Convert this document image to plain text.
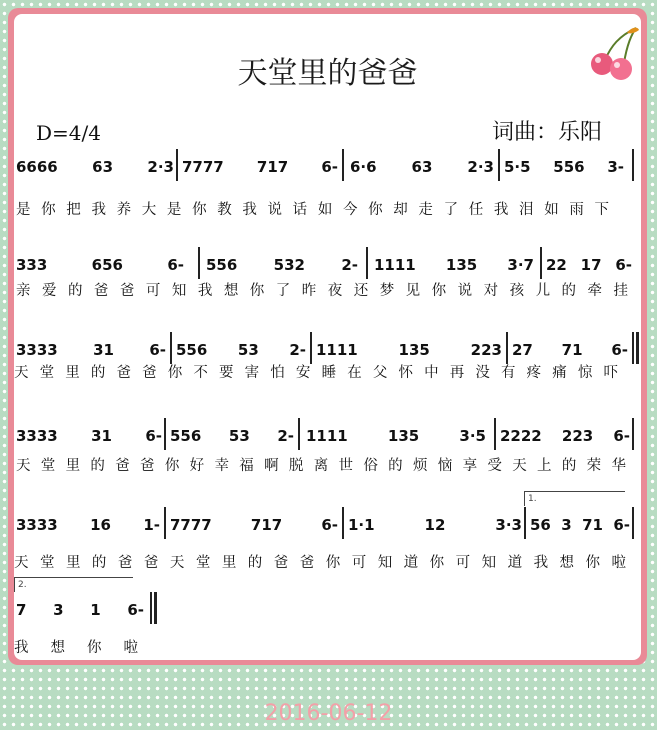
天堂里的爸爸
D=4/4	词曲：乐阳
6666 63 2·3 7777 717 6- 6·6 63 2·3 5·5 556 3-
是你把我养大是你教我说话如今你却走了任我泪如雨下
333 656 6- 556 532 2- 1111 135 3·7 22 17 6-
亲爱的爸爸可知我想你了昨夜还梦见你说对孩儿的牵挂
3333 31 6- 556 53 2- 1111 135 223 27 71 6-
天堂里的爸爸你不要害怕安睡在父怀中再没有疼痛惊吓
3333 31 6- 556 53 2- 1111 135 3·5 2222 223 6-
天堂里的爸爸你好幸福啊脱离世俗的烦恼享受天上的荣华
1.
3333 16 1- 7777 717 6- 1·1 12 3·3 56 3 71 6-
天堂里的爸爸天堂里的爸爸你可知道你可知道我想你啦
2.
7 3 1 6-
我想你啦
2016-06-12
